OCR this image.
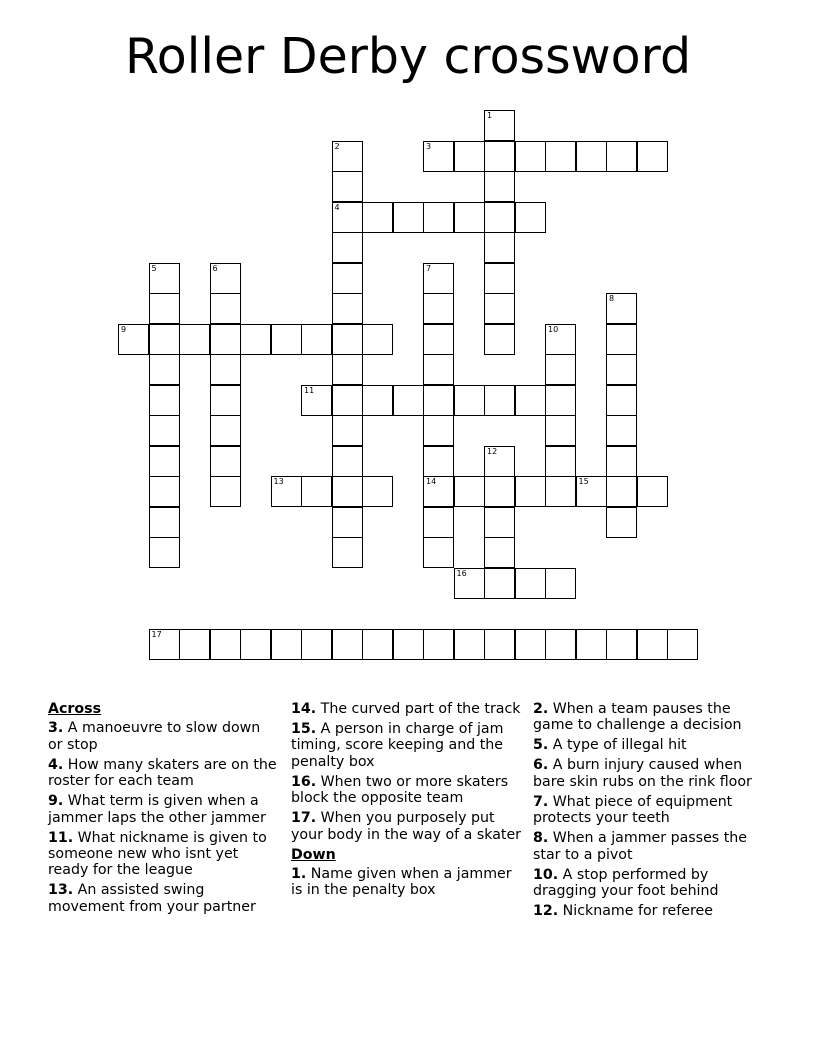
Roller Derby crossword
1
2
4
3
5	6	7
14
8
9	10
11
12
13	15
16
17
Across
3. A manoeuvre to slow down or stop
4. How many skaters are on the roster for each team
9. What term is given when a jammer laps the other jammer
11. What nickname is given to someone new who isnt yet ready for the league
13. An assisted swing movement from your partner
14. The curved part of the track
15. A person in charge of jam timing, score keeping and the penalty box
16. When two or more skaters block the opposite team
17. When you purposely put your body in the way of a skater
Down
1. Name given when a jammer is in the penalty box
2. When a team pauses the game to challenge a decision
5. A type of illegal hit
6. A burn injury caused when bare skin rubs on the rink floor
7. What piece of equipment protects your teeth
8. When a jammer passes the star to a pivot
10. A stop performed by dragging your foot behind
12. Nickname for referee
